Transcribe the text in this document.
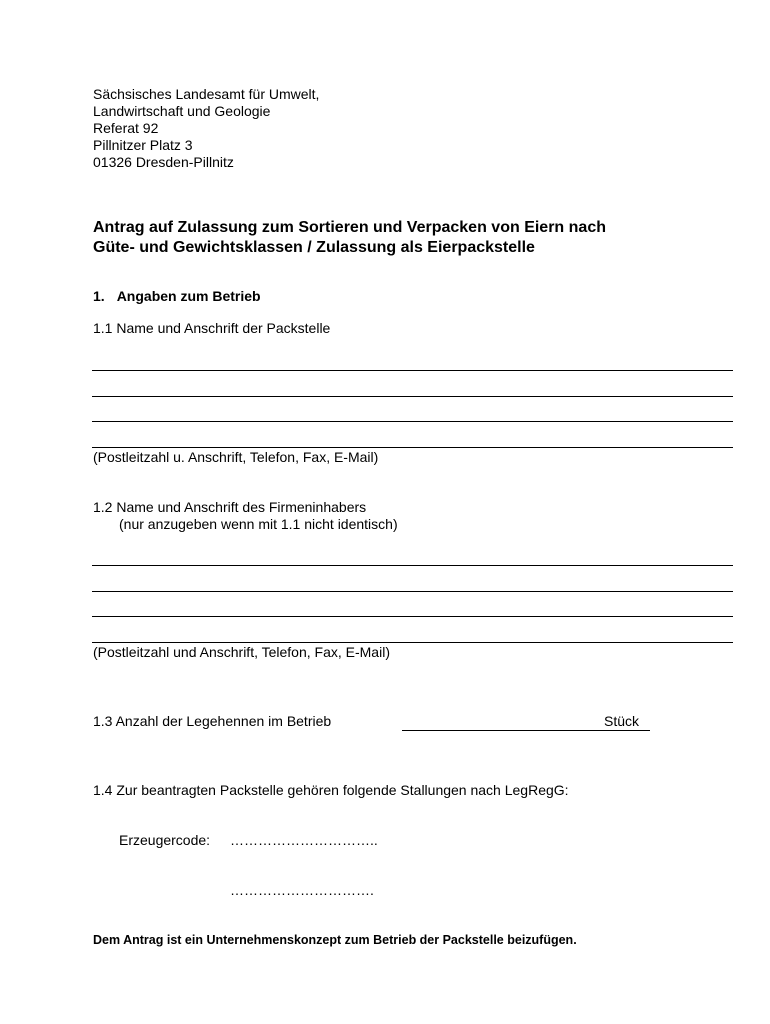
Sächsisches Landesamt für Umwelt,
Landwirtschaft und Geologie
Referat 92
Pillnitzer Platz 3
01326 Dresden-Pillnitz
Antrag auf Zulassung zum Sortieren und Verpacken von Eiern nach
Güte- und Gewichtsklassen / Zulassung als Eierpackstelle
1. Angaben zum Betrieb
1.1 Name und Anschrift der Packstelle
(Postleitzahl u. Anschrift, Telefon, Fax, E-Mail)
1.2 Name und Anschrift des Firmeninhabers
(nur anzugeben wenn mit 1.1 nicht identisch)
(Postleitzahl und Anschrift, Telefon, Fax, E-Mail)
1.3 Anzahl der Legehennen im Betrieb	Stück
1.4 Zur beantragten Packstelle gehören folgende Stallungen nach LegRegG:
Erzeugercode: …………………………..
………………………….
Dem Antrag ist ein Unternehmenskonzept zum Betrieb der Packstelle beizufügen.
